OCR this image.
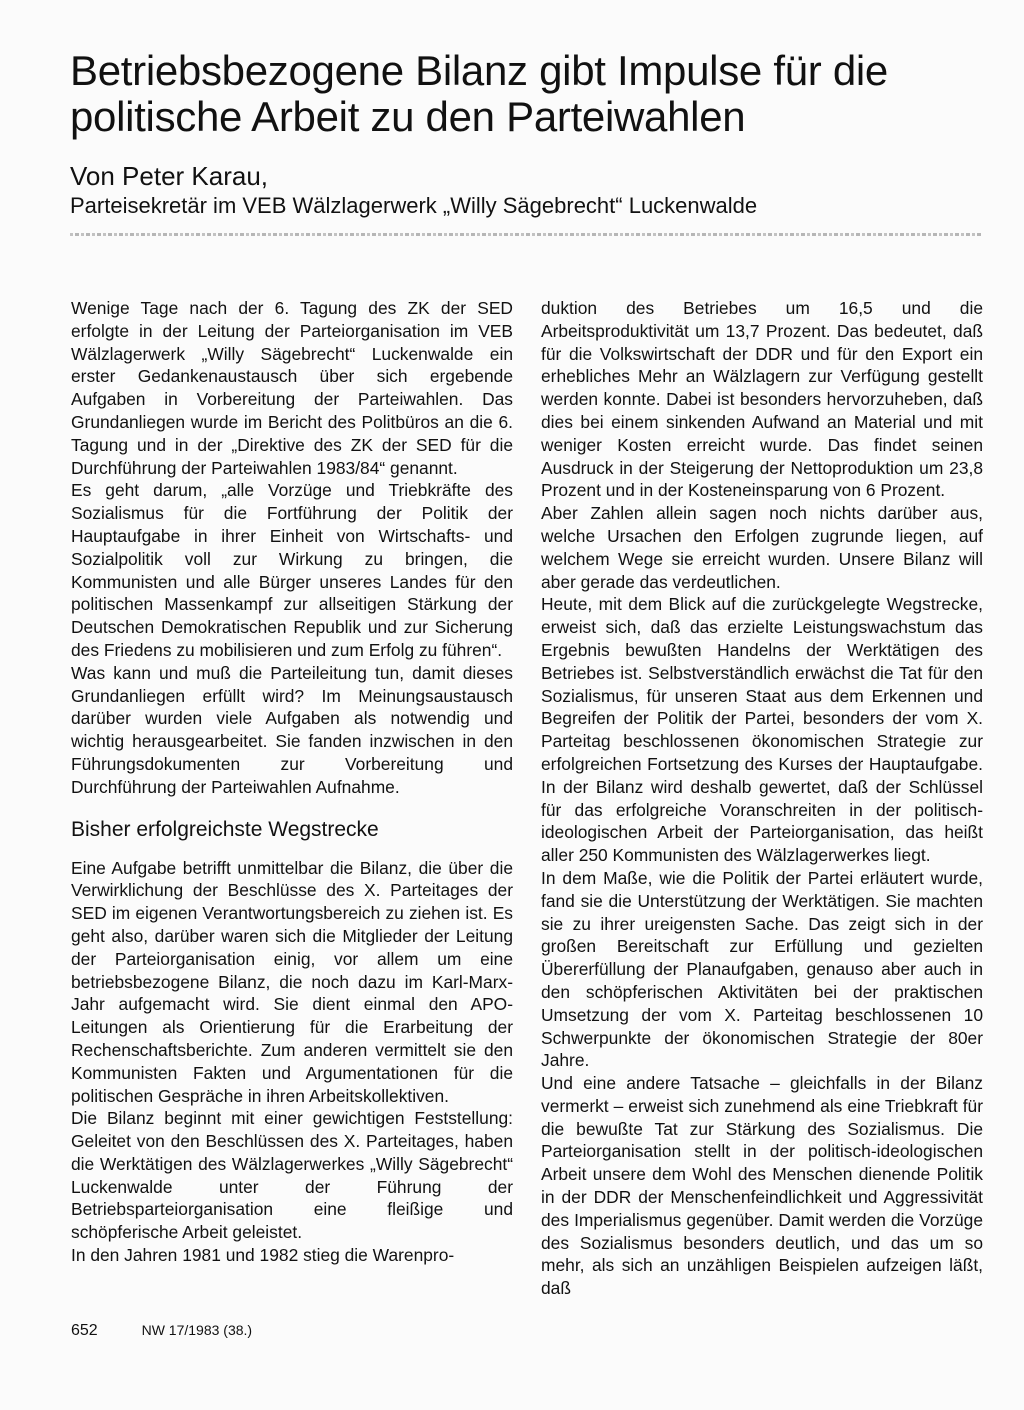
Betriebsbezogene Bilanz gibt Impulse für die politische Arbeit zu den Parteiwahlen

Von Peter Karau,

Parteisekretär im VEB Wälzlagerwerk „Willy Sägebrecht“ Luckenwalde

Wenige Tage nach der 6. Tagung des ZK der SED erfolgte in der Leitung der Parteiorganisation im VEB Wälzlagerwerk „Willy Sägebrecht“ Luckenwalde ein erster Gedankenaustausch über sich ergebende Aufgaben in Vorbereitung der Parteiwahlen. Das Grundanliegen wurde im Bericht des Politbüros an die 6. Tagung und in der „Direktive des ZK der SED für die Durchführung der Parteiwahlen 1983/84“ genannt.

Es geht darum, „alle Vorzüge und Triebkräfte des Sozialismus für die Fortführung der Politik der Hauptaufgabe in ihrer Einheit von Wirtschafts- und Sozialpolitik voll zur Wirkung zu bringen, die Kommunisten und alle Bürger unseres Landes für den politischen Massenkampf zur allseitigen Stärkung der Deutschen Demokratischen Republik und zur Sicherung des Friedens zu mobilisieren und zum Erfolg zu führen“.

Was kann und muß die Parteileitung tun, damit dieses Grundanliegen erfüllt wird? Im Meinungsaustausch darüber wurden viele Aufgaben als notwendig und wichtig herausgearbeitet. Sie fanden inzwischen in den Führungsdokumenten zur Vorbereitung und Durchführung der Parteiwahlen Aufnahme.

Bisher erfolgreichste Wegstrecke

Eine Aufgabe betrifft unmittelbar die Bilanz, die über die Verwirklichung der Beschlüsse des X. Parteitages der SED im eigenen Verantwortungsbereich zu ziehen ist. Es geht also, darüber waren sich die Mitglieder der Leitung der Parteiorganisation einig, vor allem um eine betriebsbezogene Bilanz, die noch dazu im Karl-Marx-Jahr aufgemacht wird. Sie dient einmal den APO-Leitungen als Orientierung für die Erarbeitung der Rechenschaftsberichte. Zum anderen vermittelt sie den Kommunisten Fakten und Argumentationen für die politischen Gespräche in ihren Arbeitskollektiven.

Die Bilanz beginnt mit einer gewichtigen Feststellung: Geleitet von den Beschlüssen des X. Parteitages, haben die Werktätigen des Wälzlagerwerkes „Willy Sägebrecht“ Luckenwalde unter der Führung der Betriebsparteiorganisation eine fleißige und schöpferische Arbeit geleistet.

In den Jahren 1981 und 1982 stieg die Warenpro-

duktion des Betriebes um 16,5 und die Arbeitsproduktivität um 13,7 Prozent. Das bedeutet, daß für die Volkswirtschaft der DDR und für den Export ein erhebliches Mehr an Wälzlagern zur Verfügung gestellt werden konnte. Dabei ist besonders hervorzuheben, daß dies bei einem sinkenden Aufwand an Material und mit weniger Kosten erreicht wurde. Das findet seinen Ausdruck in der Steigerung der Nettoproduktion um 23,8 Prozent und in der Kosteneinsparung von 6 Prozent.

Aber Zahlen allein sagen noch nichts darüber aus, welche Ursachen den Erfolgen zugrunde liegen, auf welchem Wege sie erreicht wurden. Unsere Bilanz will aber gerade das verdeutlichen.

Heute, mit dem Blick auf die zurückgelegte Wegstrecke, erweist sich, daß das erzielte Leistungswachstum das Ergebnis bewußten Handelns der Werktätigen des Betriebes ist. Selbstverständlich erwächst die Tat für den Sozialismus, für unseren Staat aus dem Erkennen und Begreifen der Politik der Partei, besonders der vom X. Parteitag beschlossenen ökonomischen Strategie zur erfolgreichen Fortsetzung des Kurses der Hauptaufgabe. In der Bilanz wird deshalb gewertet, daß der Schlüssel für das erfolgreiche Voranschreiten in der politisch-ideologischen Arbeit der Parteiorganisation, das heißt aller 250 Kommunisten des Wälzlagerwerkes liegt.

In dem Maße, wie die Politik der Partei erläutert wurde, fand sie die Unterstützung der Werktätigen. Sie machten sie zu ihrer ureigensten Sache. Das zeigt sich in der großen Bereitschaft zur Erfüllung und gezielten Übererfüllung der Planaufgaben, genauso aber auch in den schöpferischen Aktivitäten bei der praktischen Umsetzung der vom X. Parteitag beschlossenen 10 Schwerpunkte der ökonomischen Strategie der 80er Jahre.

Und eine andere Tatsache – gleichfalls in der Bilanz vermerkt – erweist sich zunehmend als eine Triebkraft für die bewußte Tat zur Stärkung des Sozialismus. Die Parteiorganisation stellt in der politisch-ideologischen Arbeit unsere dem Wohl des Menschen dienende Politik in der DDR der Menschenfeindlichkeit und Aggressivität des Imperialismus gegenüber. Damit werden die Vorzüge des Sozialismus besonders deutlich, und das um so mehr, als sich an unzähligen Beispielen aufzeigen läßt, daß

652	NW 17/1983 (38.)
